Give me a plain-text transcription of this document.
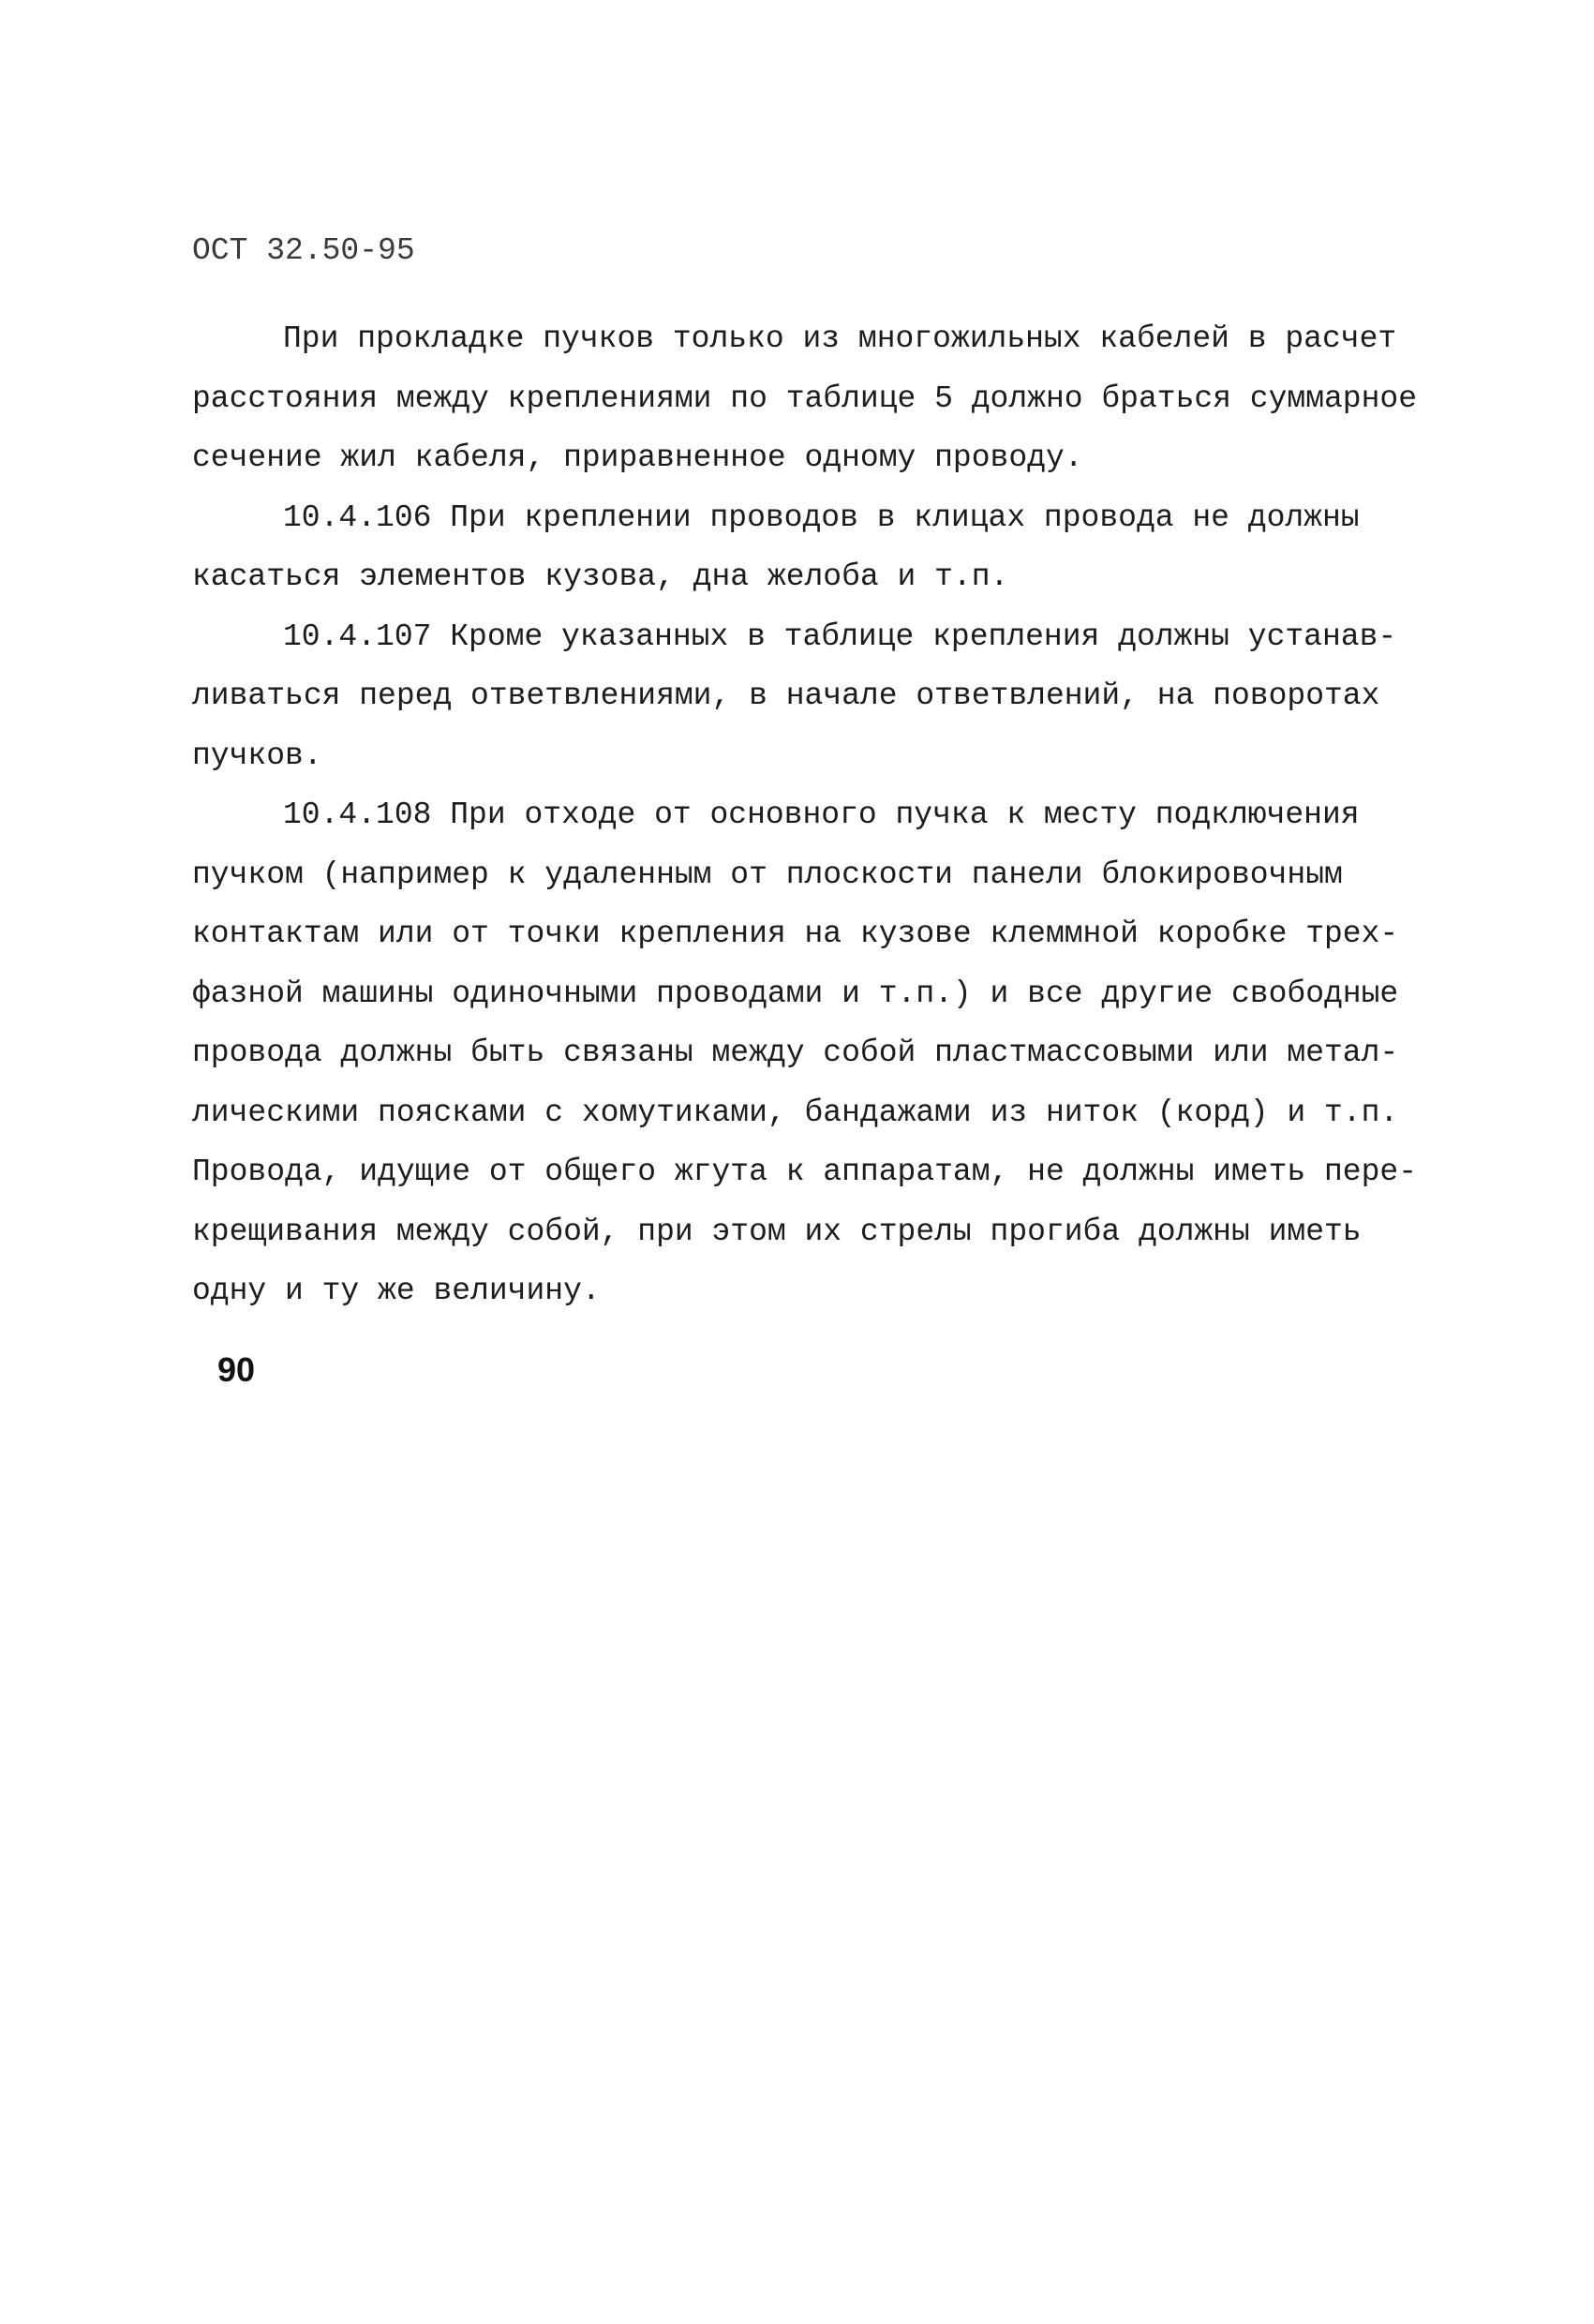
ОСТ 32.50-95

При прокладке пучков только из многожильных кабелей в расчет
расстояния между креплениями по таблице 5 должно браться суммарное
сечение жил кабеля, приравненное одному проводу.

10.4.106 При креплении проводов в клицах провода не должны
касаться элементов кузова, дна желоба и т.п.

10.4.107 Кроме указанных в таблице крепления должны устанав-
ливаться перед ответвлениями, в начале ответвлений, на поворотах
пучков.

10.4.108 При отходе от основного пучка к месту подключения
пучком (например к удаленным от плоскости панели блокировочным
контактам или от точки крепления на кузове клеммной коробке трех-
фазной машины одиночными проводами и т.п.) и все другие свободные
провода должны быть связаны между собой пластмассовыми или метал-
лическими поясками с хомутиками, бандажами из ниток (корд) и т.п.
Провода, идущие от общего жгута к аппаратам, не должны иметь пере-
крещивания между собой, при этом их стрелы прогиба должны иметь
одну и ту же величину.

90
